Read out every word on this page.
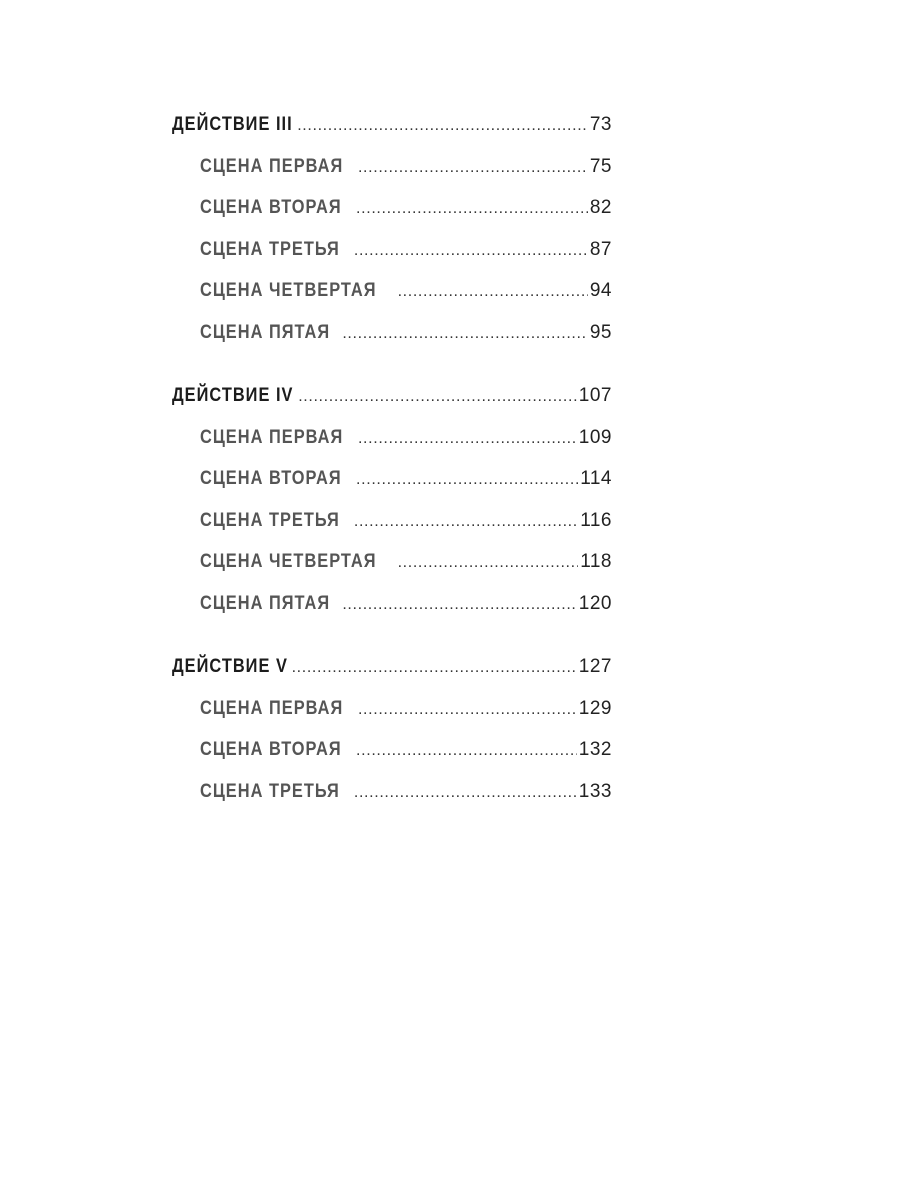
ДЕЙСТВИЕ III . . .	73
СЦЕНА ПЕРВАЯ . . .	75
СЦЕНА ВТОРАЯ . . .	82
СЦЕНА ТРЕТЬЯ . . .	87
СЦЕНА ЧЕТВЕРТАЯ . . .	94
СЦЕНА ПЯТАЯ . . .	95
ДЕЙСТВИЕ IV . . .	107
СЦЕНА ПЕРВАЯ . . .	109
СЦЕНА ВТОРАЯ . . .	114
СЦЕНА ТРЕТЬЯ . . .	116
СЦЕНА ЧЕТВЕРТАЯ . . .	118
СЦЕНА ПЯТАЯ . . .	120
ДЕЙСТВИЕ V . . .	127
СЦЕНА ПЕРВАЯ . . .	129
СЦЕНА ВТОРАЯ . . .	132
СЦЕНА ТРЕТЬЯ . . .	133
